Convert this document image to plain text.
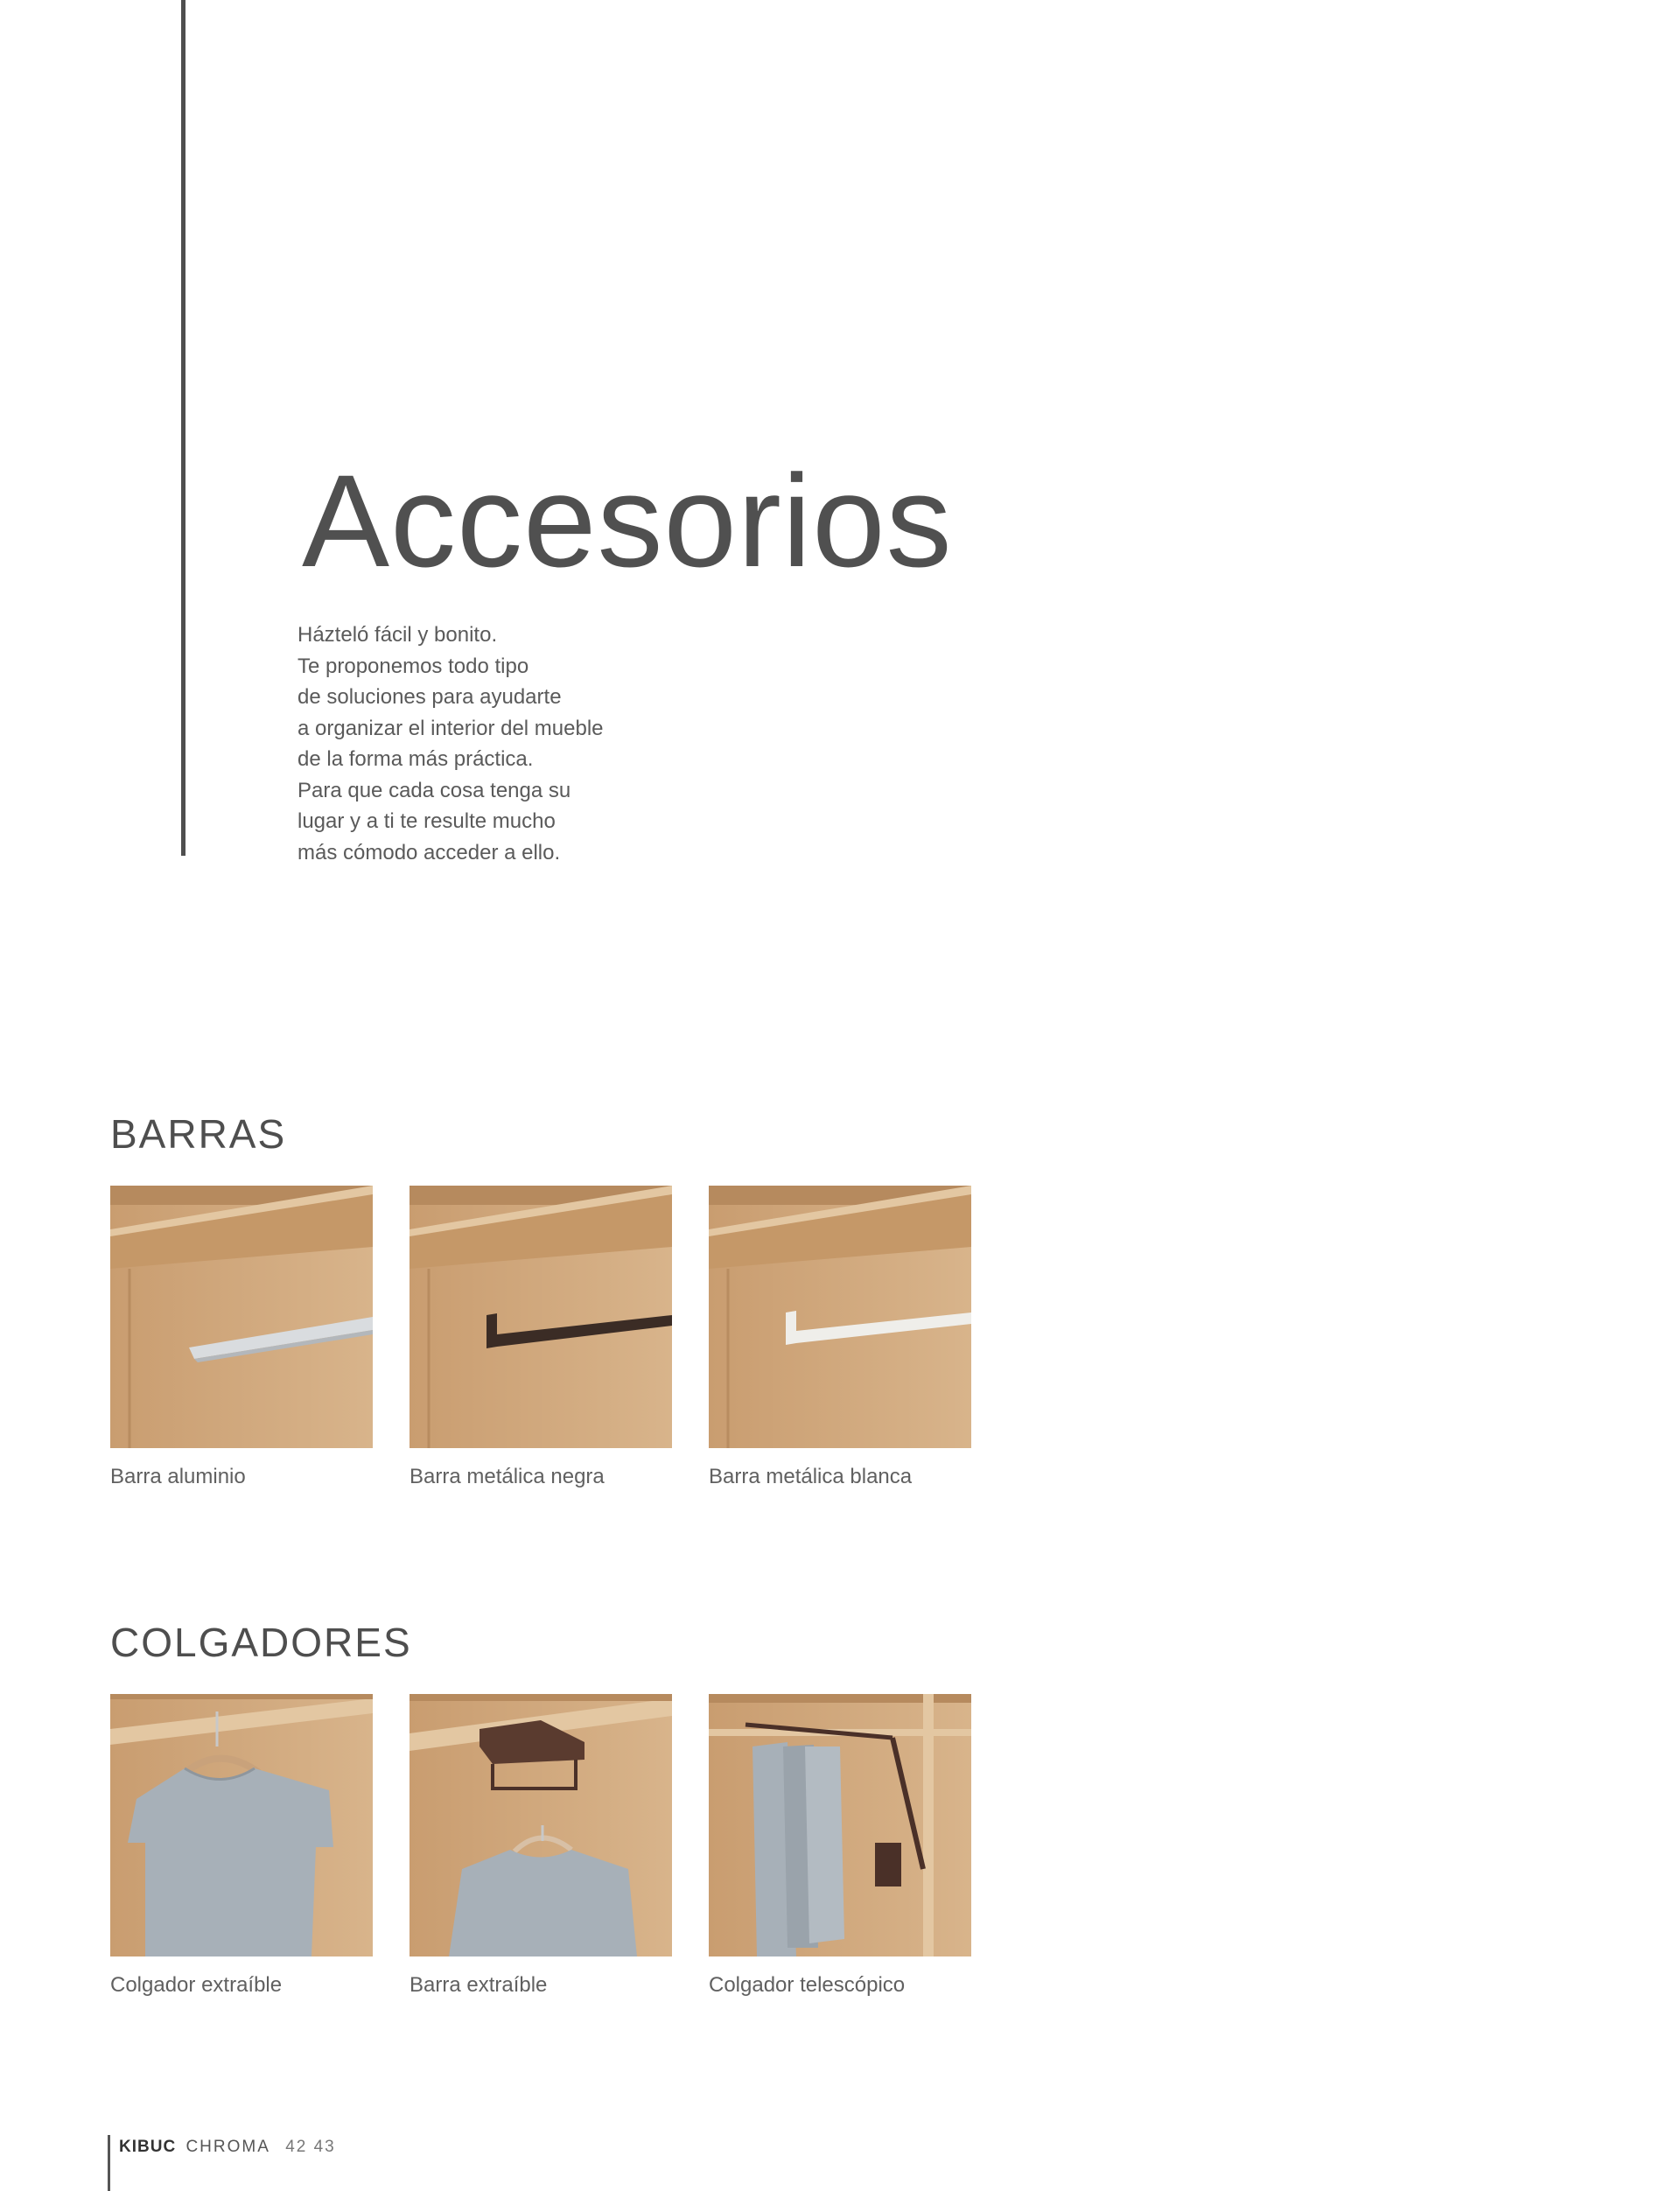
Accesorios
Házteló fácil y bonito.
Te proponemos todo tipo
de soluciones para ayudarte
a organizar el interior del mueble
de la forma más práctica.
Para que cada cosa tenga su
lugar y a ti te resulte mucho
más cómodo acceder a ello.
BARRAS
Barra aluminio	Barra metálica negra	Barra metálica blanca
COLGADORES
Colgador extraíble	Barra extraíble	Colgador telescópico
KIBUC CHROMA 42 43
